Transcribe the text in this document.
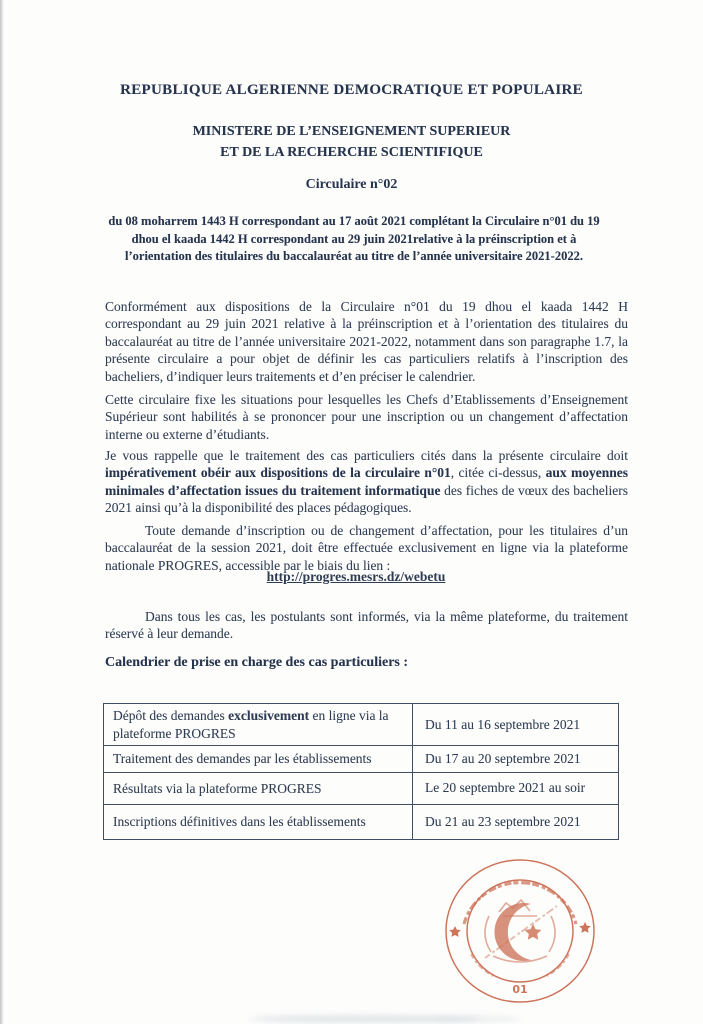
REPUBLIQUE ALGERIENNE DEMOCRATIQUE ET POPULAIRE
MINISTERE DE L’ENSEIGNEMENT SUPERIEUR
ET DE LA RECHERCHE SCIENTIFIQUE
Circulaire n°02
du 08 moharrem 1443 H correspondant au 17 août 2021 complétant la Circulaire n°01 du 19 dhou el kaada 1442 H correspondant au 29 juin 2021relative à la préinscription et à l’orientation des titulaires du baccalauréat au titre de l’année universitaire 2021-2022.

Conformément aux dispositions de la Circulaire n°01 du 19 dhou el kaada 1442 H correspondant au 29 juin 2021 relative à la préinscription et à l’orientation des titulaires du baccalauréat au titre de l’année universitaire 2021-2022, notamment dans son paragraphe 1.7, la présente circulaire a pour objet de définir les cas particuliers relatifs à l’inscription des bacheliers, d’indiquer leurs traitements et d’en préciser le calendrier.

Cette circulaire fixe les situations pour lesquelles les Chefs d’Etablissements d’Enseignement Supérieur sont habilités à se prononcer pour une inscription ou un changement d’affectation interne ou externe d’étudiants.

Je vous rappelle que le traitement des cas particuliers cités dans la présente circulaire doit impérativement obéir aux dispositions de la circulaire n°01, citée ci-dessus, aux moyennes minimales d’affectation issues du traitement informatique des fiches de vœux des bacheliers 2021 ainsi qu’à la disponibilité des places pédagogiques.

Toute demande d’inscription ou de changement d’affectation, pour les titulaires d’un baccalauréat de la session 2021, doit être effectuée exclusivement en ligne via la plateforme nationale PROGRES, accessible par le biais du lien :

http://progres.mesrs.dz/webetu

Dans tous les cas, les postulants sont informés, via la même plateforme, du traitement réservé à leur demande.

Calendrier de prise en charge des cas particuliers :
Dépôt des demandes exclusivement en ligne via la plateforme PROGRES	Du 11 au 16 septembre 2021
Traitement des demandes par les établissements	Du 17 au 20 septembre 2021
Résultats via la plateforme PROGRES	Le 20 septembre 2021 au soir
Inscriptions définitives dans les établissements	Du 21 au 23 septembre 2021
01
